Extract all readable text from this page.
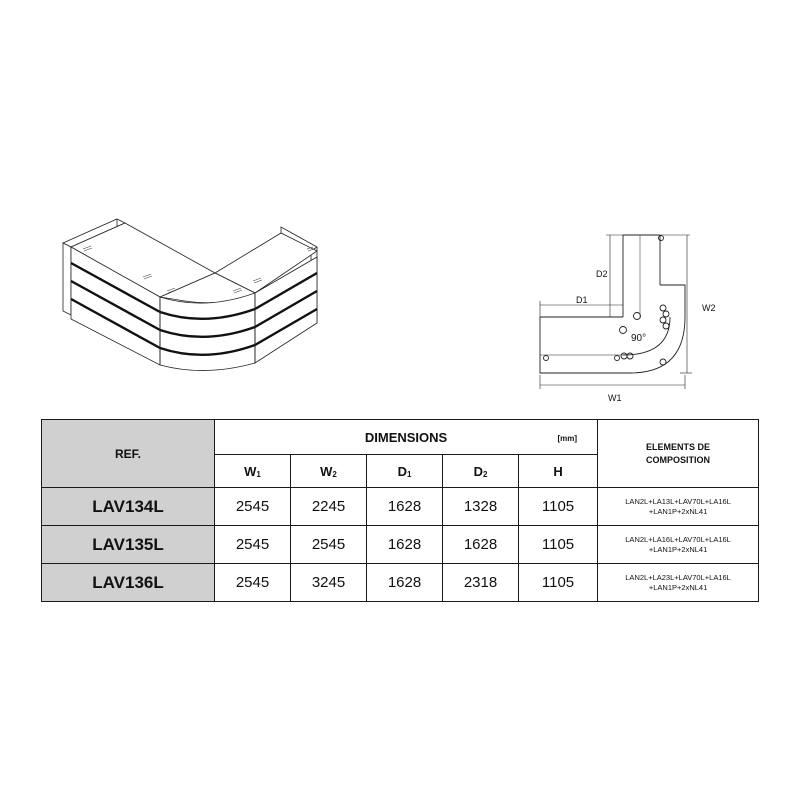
D2
D1
W2
W1
90°
REF.	DIMENSIONS [mm]					ELEMENTS DE
COMPOSITION
	$W_1$	$W_2$	$D_1$	$D_2$	H	
LAV134L	2545	2245	1628	1328	1105	LAN2L+LA13L+LAV70L+LA16L
+LAN1P+2xNL41
LAV135L	2545	2545	1628	1628	1105	LAN2L+LA16L+LAV70L+LA16L
+LAN1P+2xNL41
LAV136L	2545	3245	1628	2318	1105	LAN2L+LA23L+LAV70L+LA16L
+LAN1P+2xNL41
